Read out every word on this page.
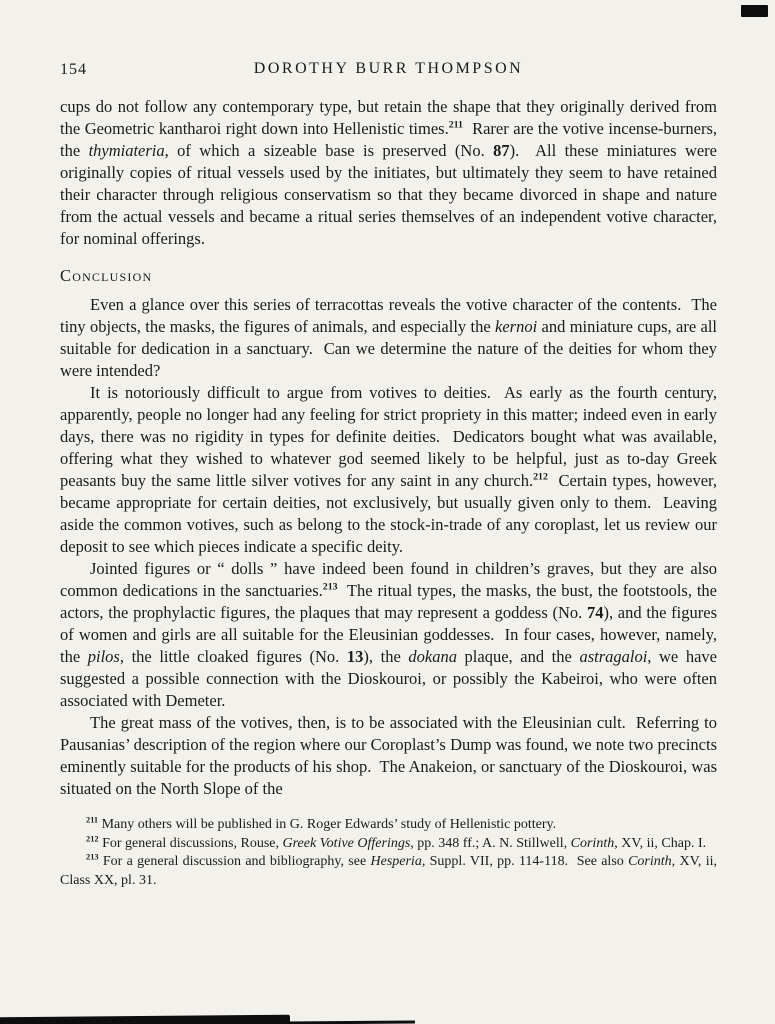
154	DOROTHY BURR THOMPSON

cups do not follow any contemporary type, but retain the shape that they originally derived from the Geometric kantharoi right down into Hellenistic times.$^{211}$  Rarer are the votive incense-burners, the thymiateria, of which a sizeable base is preserved (No. 87).  All these miniatures were originally copies of ritual vessels used by the initiates, but ultimately they seem to have retained their character through religious conservatism so that they became divorced in shape and nature from the actual vessels and became a ritual series themselves of an independent votive character, for nominal offerings.

Conclusion

Even a glance over this series of terracottas reveals the votive character of the contents.  The tiny objects, the masks, the figures of animals, and especially the kernoi and miniature cups, are all suitable for dedication in a sanctuary.  Can we determine the nature of the deities for whom they were intended?

It is notoriously difficult to argue from votives to deities.  As early as the fourth century, apparently, people no longer had any feeling for strict propriety in this matter; indeed even in early days, there was no rigidity in types for definite deities.  Dedicators bought what was available, offering what they wished to whatever god seemed likely to be helpful, just as to-day Greek peasants buy the same little silver votives for any saint in any church.$^{212}$  Certain types, however, became appropriate for certain deities, not exclusively, but usually given only to them.  Leaving aside the common votives, such as belong to the stock-in-trade of any coroplast, let us review our deposit to see which pieces indicate a specific deity.

Jointed figures or “ dolls ” have indeed been found in children’s graves, but they are also common dedications in the sanctuaries.$^{213}$  The ritual types, the masks, the bust, the footstools, the actors, the prophylactic figures, the plaques that may represent a goddess (No. 74), and the figures of women and girls are all suitable for the Eleusinian goddesses.  In four cases, however, namely, the pilos, the little cloaked figures (No. 13), the dokana plaque, and the astragaloi, we have suggested a possible connection with the Dioskouroi, or possibly the Kabeiroi, who were often associated with Demeter.

The great mass of the votives, then, is to be associated with the Eleusinian cult.  Referring to Pausanias’ description of the region where our Coroplast’s Dump was found, we note two precincts eminently suitable for the products of his shop.  The Anakeion, or sanctuary of the Dioskouroi, was situated on the North Slope of the

$^{211}$ Many others will be published in G. Roger Edwards’ study of Hellenistic pottery.

$^{212}$ For general discussions, Rouse, Greek Votive Offerings, pp. 348 ff.; A. N. Stillwell, Corinth, XV, ii, Chap. I.

$^{213}$ For a general discussion and bibliography, see Hesperia, Suppl. VII, pp. 114-118.  See also Corinth, XV, ii, Class XX, pl. 31.
